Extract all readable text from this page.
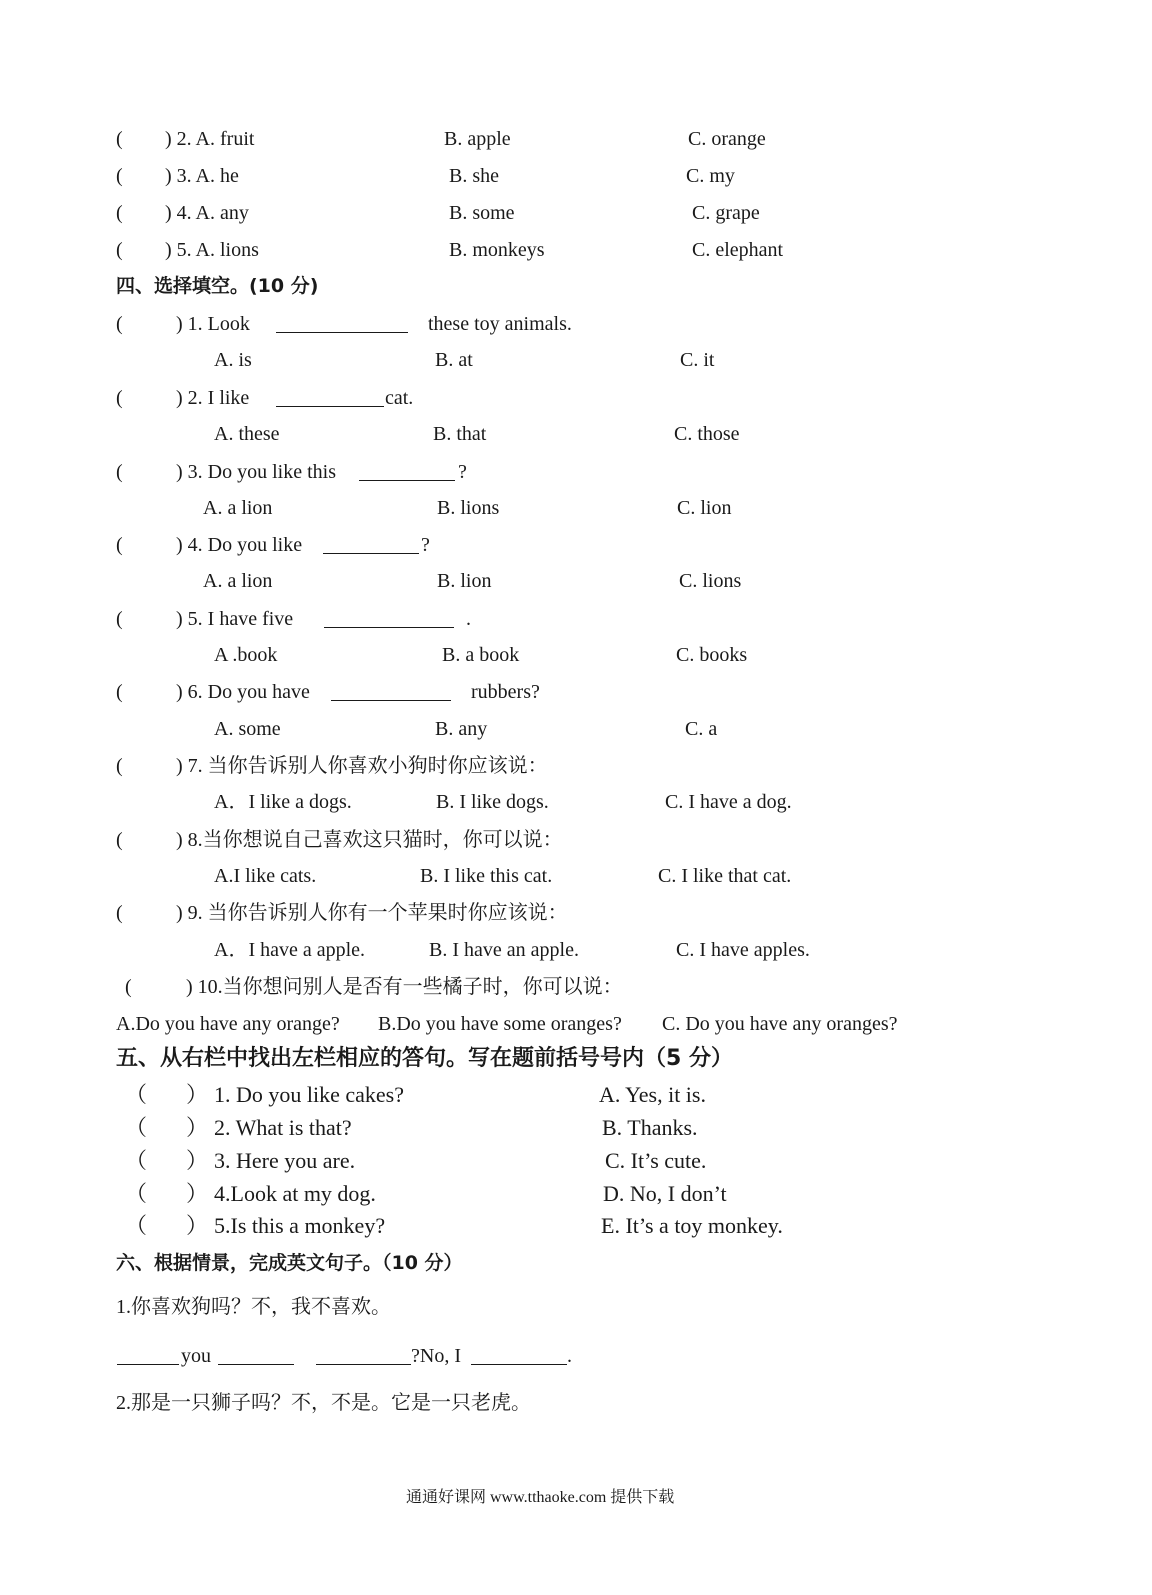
( ) 2. A. fruit	B. apple	C. orange
( ) 3. A. he	B. she	C. my
( ) 4. A. any	B. some	C. grape
( ) 5. A. lions	B. monkeys	C. elephant
四、选择填空。(10 分)
(	) 1. Look	these toy animals.
A. is	B. at	C. it
(	) 2. I like	cat.
A. these	B. that	C. those
(	) 3. Do you like this	?
A. a lion	B. lions	C. lion
(	) 4. Do you like	?
A. a lion	B. lion	C. lions
(	) 5. I have five	.
A .book	B. a book	C. books
(	) 6. Do you have	rubbers?
A. some	B. any	C. a
(	) 7. 当你告诉别人你喜欢小狗时你应该说：
A．I like a dogs.	B. I like dogs.	C. I have a dog.
(	) 8.当你想说自己喜欢这只猫时，你可以说：
A.I like cats.	B. I like this cat.	C. I like that cat.
(	) 9. 当你告诉别人你有一个苹果时你应该说：
A．I have a apple.	B. I have an apple.	C. I have apples.
(	) 10.当你想问别人是否有一些橘子时，你可以说：
A.Do you have any orange? B.Do you have some oranges? C. Do you have any oranges?
五、从右栏中找出左栏相应的答句。写在题前括号号内（5 分）
（ ） 1. Do you like cakes?	A. Yes, it is.
（ ） 2. What is that?	B. Thanks.
（ ） 3. Here you are.	C. It’s cute.
（ ） 4.Look at my dog.	D. No, I don’t
（ ） 5.Is this a monkey?	E. It’s a toy monkey.
六、根据情景，完成英文句子。（10 分）
1.你喜欢狗吗？不，我不喜欢。
you	?No, I	.
2.那是一只狮子吗？不，不是。它是一只老虎。
通通好课网 www.tthaoke.com 提供下载
